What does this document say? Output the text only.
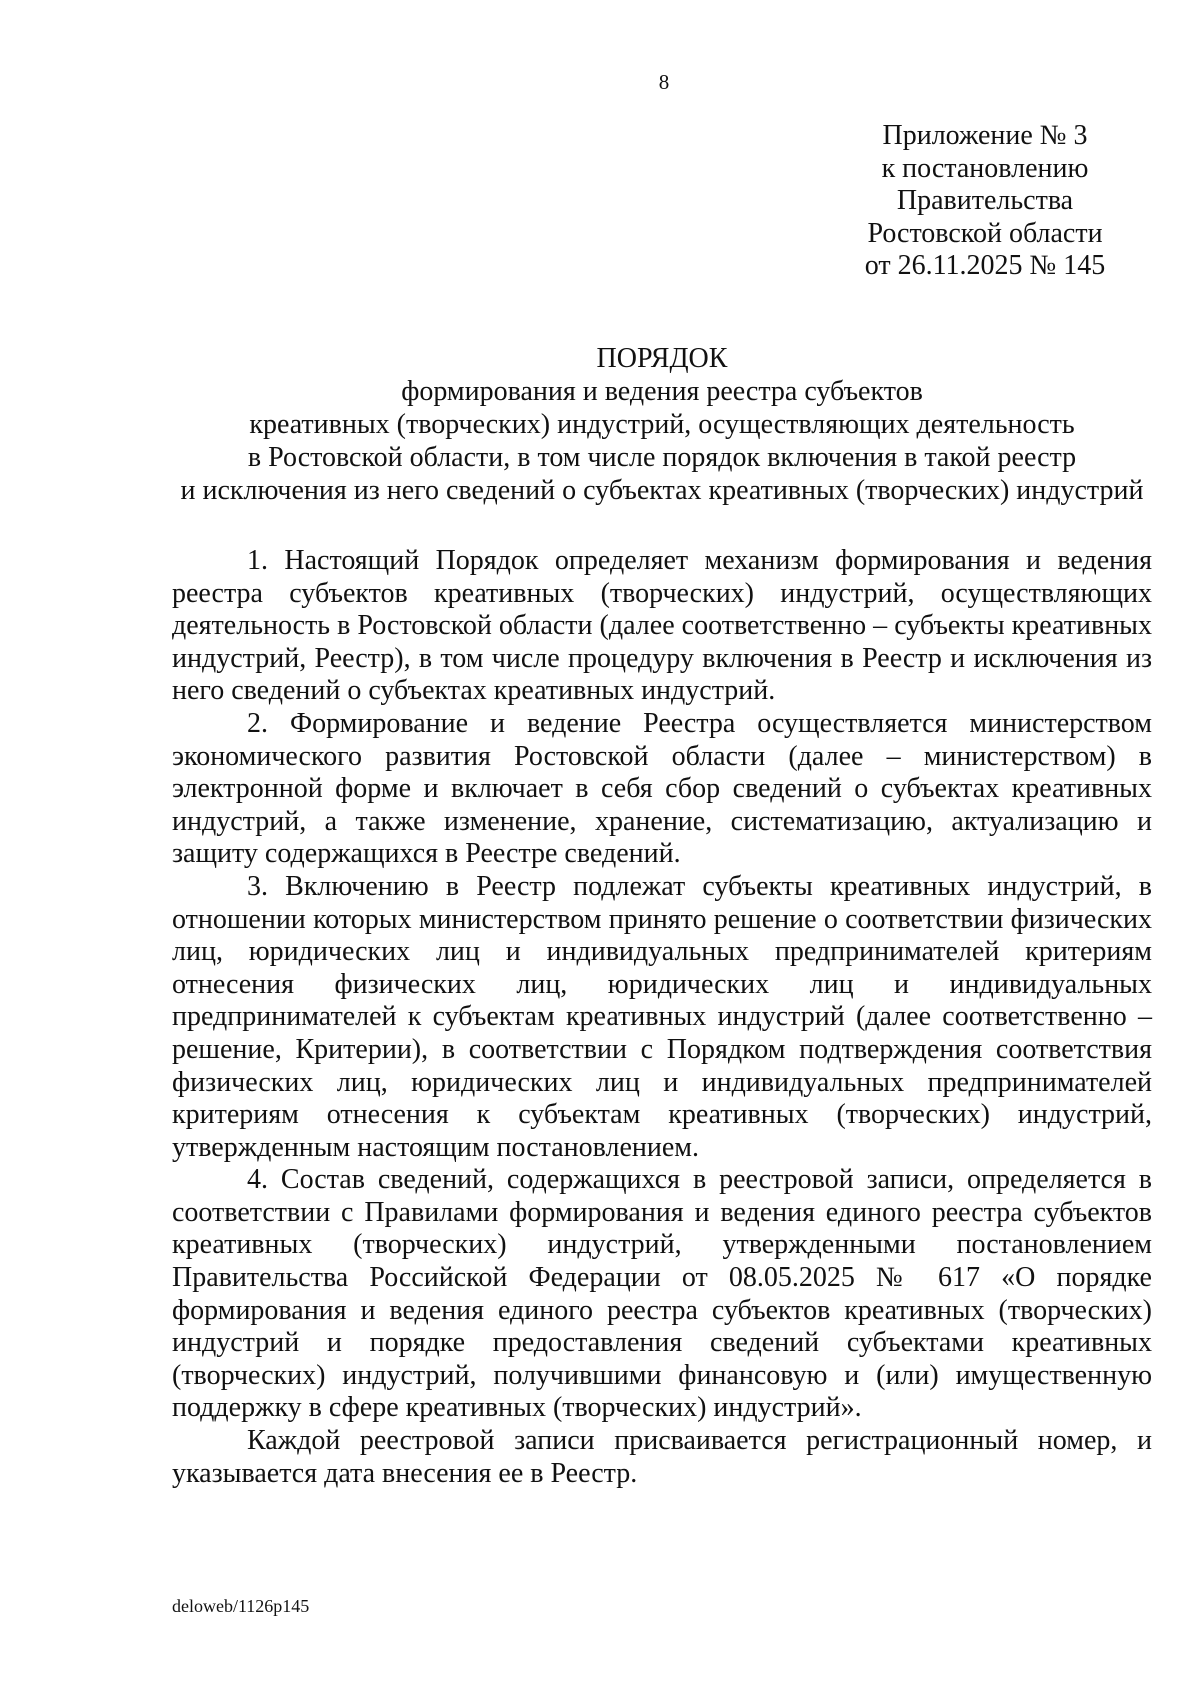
8
Приложение № 3
к постановлению
Правительства
Ростовской области
от 26.11.2025 № 145
ПОРЯДОК
формирования и ведения реестра субъектов
креативных (творческих) индустрий, осуществляющих деятельность
в Ростовской области, в том числе порядок включения в такой реестр
и исключения из него сведений о субъектах креативных (творческих) индустрий

1. Настоящий Порядок определяет механизм формирования и ведения реестра субъектов креативных (творческих) индустрий, осуществляющих деятельность в Ростовской области (далее соответственно – субъекты креативных индустрий, Реестр), в том числе процедуру включения в Реестр и исключения из него сведений о субъектах креативных индустрий.

2. Формирование и ведение Реестра осуществляется министерством экономического развития Ростовской области (далее – министерством) в электронной форме и включает в себя сбор сведений о субъектах креативных индустрий, а также изменение, хранение, систематизацию, актуализацию и защиту содержащихся в Реестре сведений.

3. Включению в Реестр подлежат субъекты креативных индустрий, в отношении которых министерством принято решение о соответствии физических лиц, юридических лиц и индивидуальных предпринимателей критериям отнесения физических лиц, юридических лиц и индивидуальных предпринимателей к субъектам креативных индустрий (далее соответственно – решение, Критерии), в соответствии с Порядком подтверждения соответствия физических лиц, юридических лиц и индивидуальных предпринимателей критериям отнесения к субъектам креативных (творческих) индустрий, утвержденным настоящим постановлением.

4. Состав сведений, содержащихся в реестровой записи, определяется в соответствии с Правилами формирования и ведения единого реестра субъектов креативных (творческих) индустрий, утвержденными постановлением Правительства Российской Федерации от 08.05.2025 № 617 «О порядке формирования и ведения единого реестра субъектов креативных (творческих) индустрий и порядке предоставления сведений субъектами креативных (творческих) индустрий, получившими финансовую и (или) имущественную поддержку в сфере креативных (творческих) индустрий».

Каждой реестровой записи присваивается регистрационный номер, и указывается дата внесения ее в Реестр.

deloweb/1126p145
